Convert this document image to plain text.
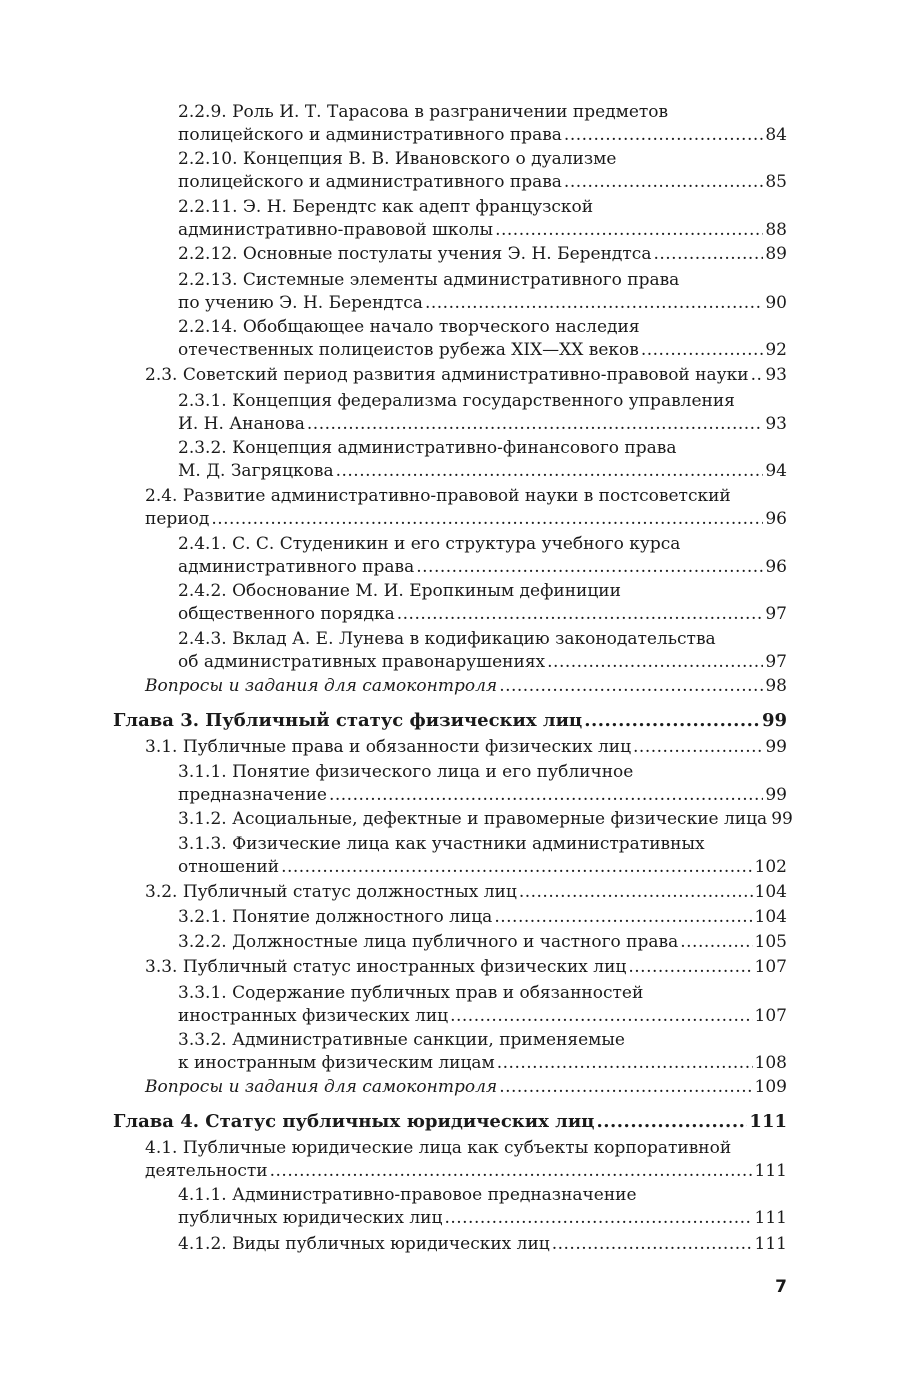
2.2.9. Роль И. Т. Тарасова в разграничении предметов
полицейского и административного права .....	84
2.2.10. Концепция В. В. Ивановского о дуализме
полицейского и административного права .....	85
2.2.11. Э. Н. Берендтс как адепт французской
административно-правовой школы .....	88
2.2.12. Основные постулаты учения Э. Н. Берендтса .....	89
2.2.13. Системные элементы административного права
по учению Э. Н. Берендтса .....	90
2.2.14. Обобщающее начало творческого наследия
отечественных полицеистов рубежа XIX—XX веков .....	92
2.3. Советский период развития административно-правовой науки ..... 93
2.3.1. Концепция федерализма государственного управления
И. Н. Ананова .....	93
2.3.2. Концепция административно-финансового права
М. Д. Загряцкова .....	94
2.4. Развитие административно-правовой науки в постсоветский
период .....	96
2.4.1. С. С. Студеникин и его структура учебного курса
административного права .....	96
2.4.2. Обоснование М. И. Еропкиным дефиниции
общественного порядка .....	97
2.4.3. Вклад А. Е. Лунева в кодификацию законодательства
об административных правонарушениях .....	97
Вопросы и задания для самоконтроля .....	98
Глава 3. Публичный статус физических лиц .....	99
3.1. Публичные права и обязанности физических лиц .....	99
3.1.1. Понятие физического лица и его публичное
предназначение .....	99
3.1.2. Асоциальные, дефектные и правомерные физические лица 99
3.1.3. Физические лица как участники административных
отношений .....	102
3.2. Публичный статус должностных лиц .....	104
3.2.1. Понятие должностного лица .....	104
3.2.2. Должностные лица публичного и частного права .....	105
3.3. Публичный статус иностранных физических лиц .....	107
3.3.1. Содержание публичных прав и обязанностей
иностранных физических лиц .....	107
3.3.2. Административные санкции, применяемые
к иностранным физическим лицам .....	108
Вопросы и задания для самоконтроля .....	109
Глава 4. Статус публичных юридических лиц .....	111
4.1. Публичные юридические лица как субъекты корпоративной
деятельности .....	111
4.1.1. Административно-правовое предназначение
публичных юридических лиц .....	111
4.1.2. Виды публичных юридических лиц .....	111
7
